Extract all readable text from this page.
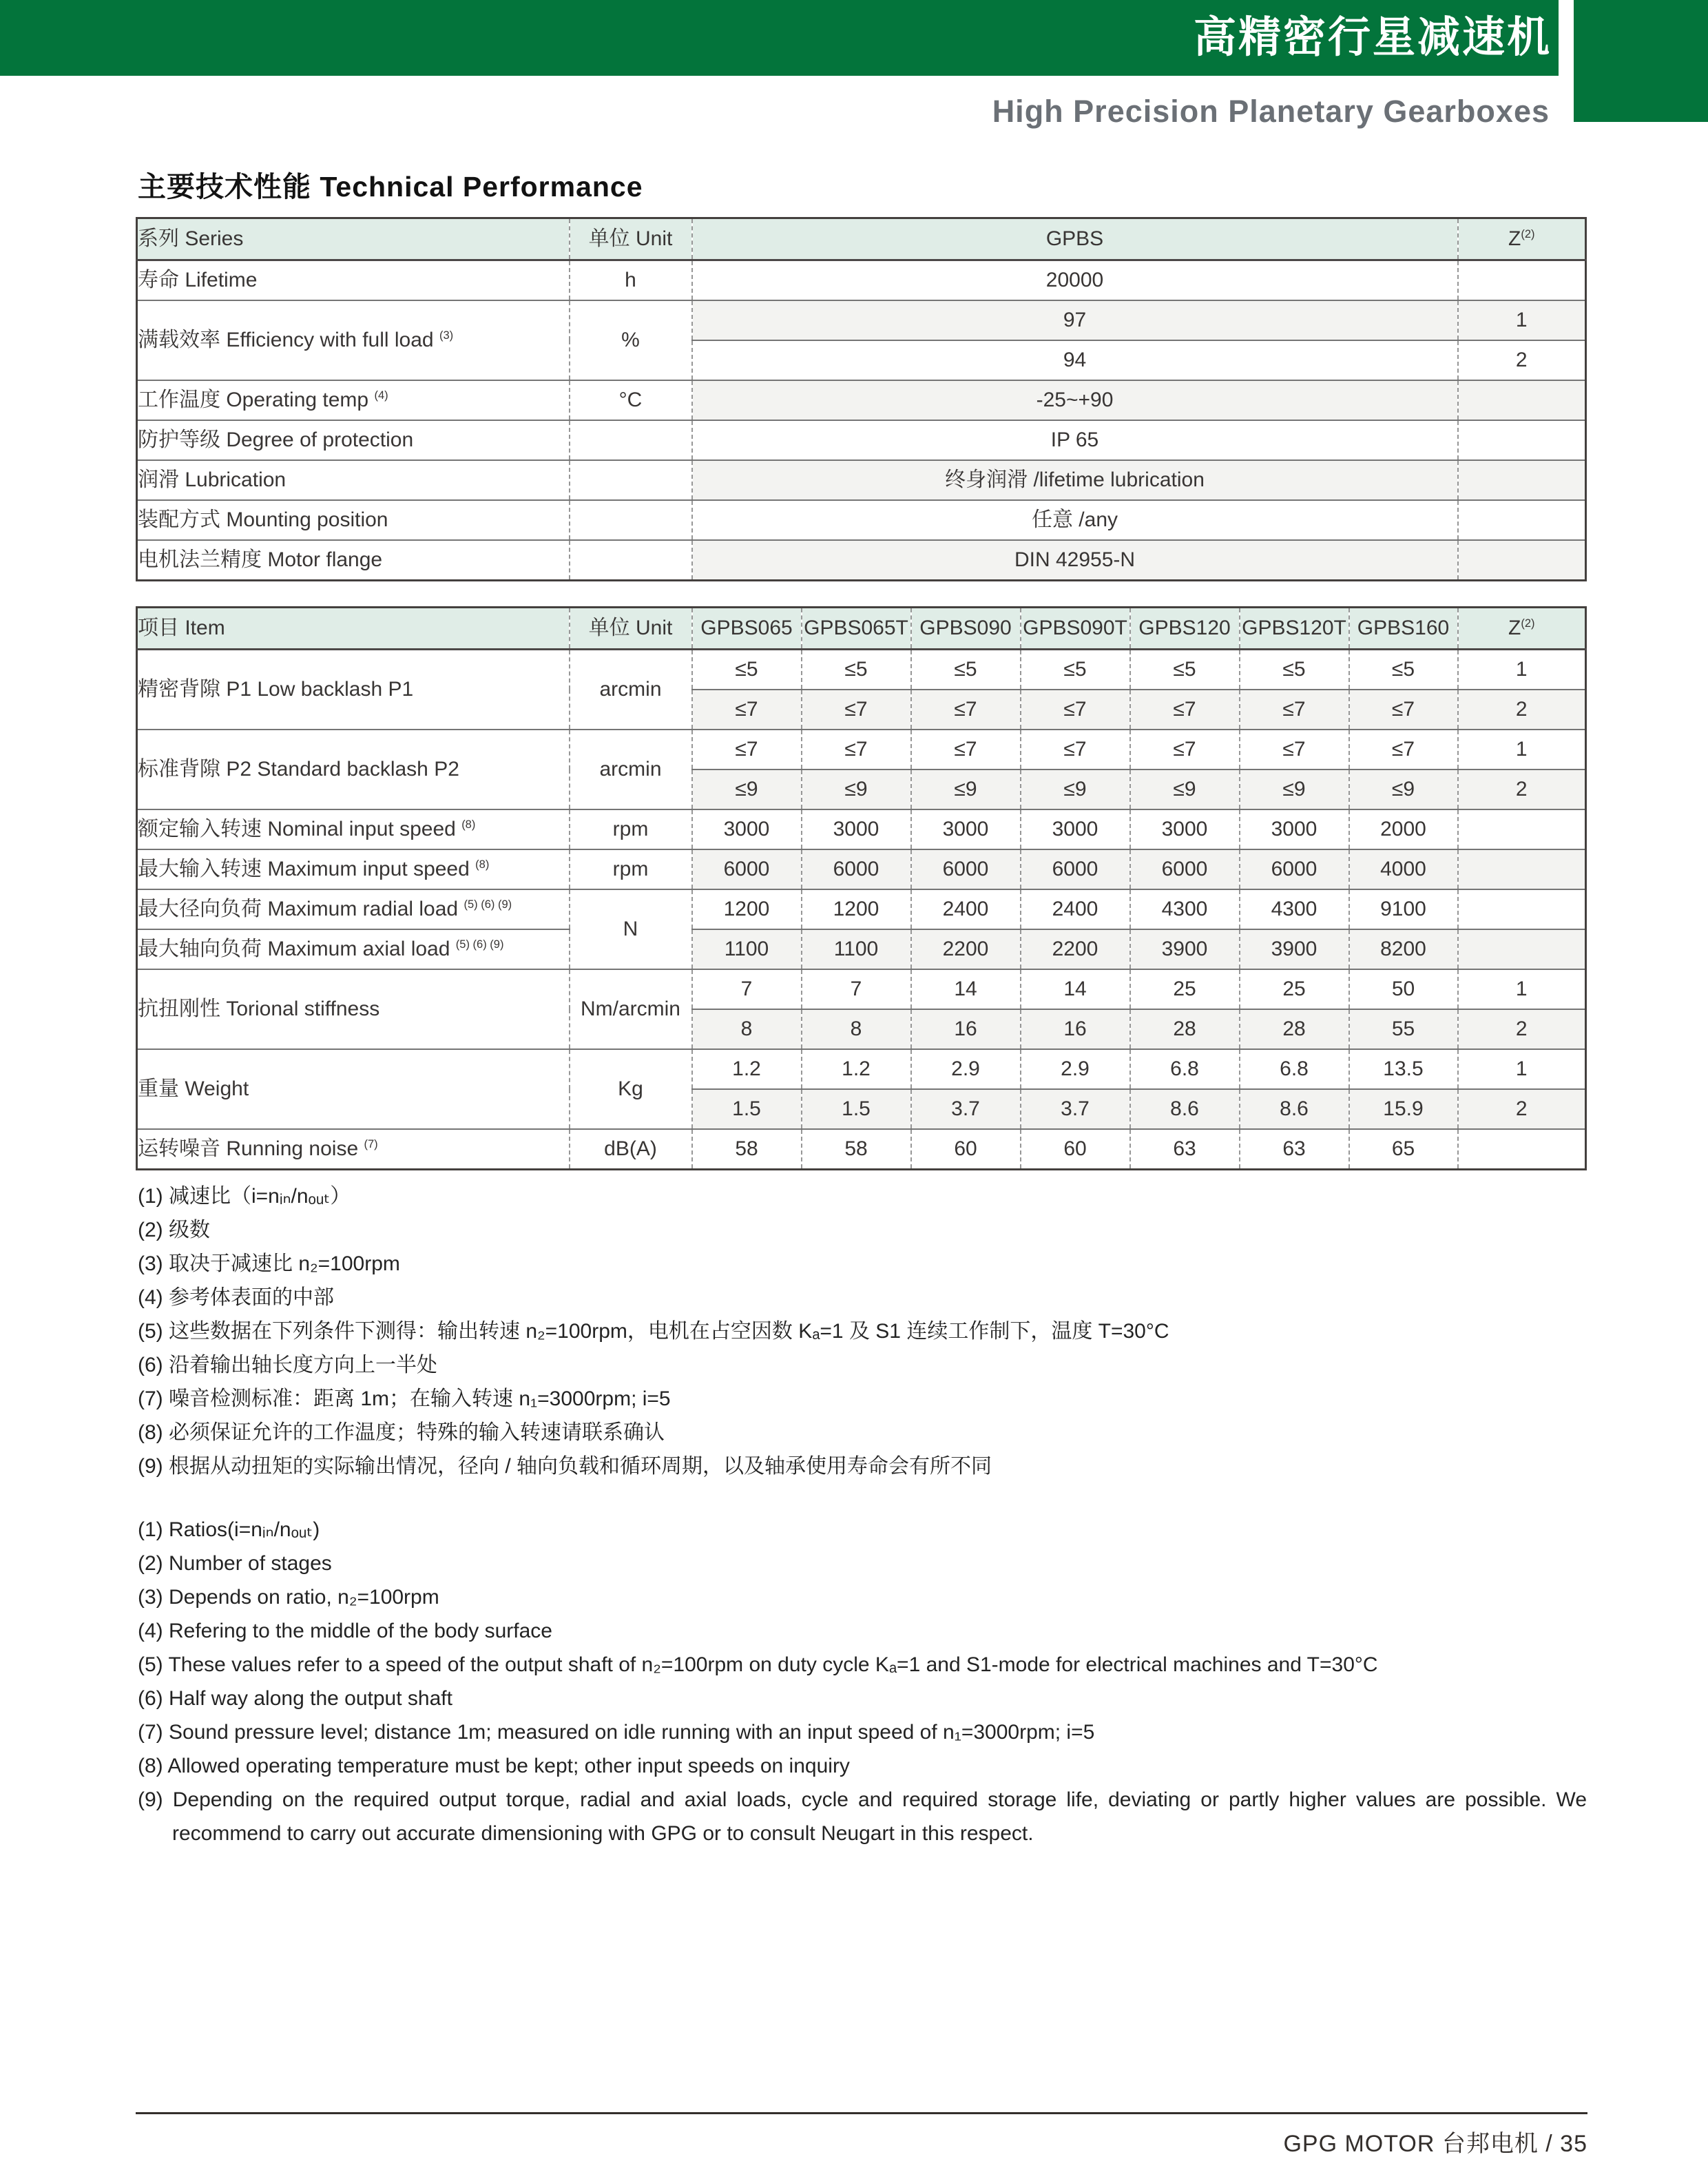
高精密行星减速机
High Precision Planetary Gearboxes
主要技术性能 Technical Performance
系列 Series	单位 Unit	GPBS	$Z^{(2)}$
寿命 Lifetime	h	20000	
满载效率 Efficiency with full load $^{(3)}$	%	97	1
		94	2
工作温度 Operating temp $^{(4)}$	°C	-25~+90	
防护等级 Degree of protection		IP 65	
润滑 Lubrication		终身润滑 /lifetime lubrication	
装配方式 Mounting position		任意 /any	
电机法兰精度 Motor flange		DIN 42955-N	
项目 Item	单位 Unit	GPBS065	GPBS065T	GPBS090	GPBS090T	GPBS120	GPBS120T	GPBS160	$Z^{(2)}$
精密背隙 P1 Low backlash P1	arcmin	≤5	≤5	≤5	≤5	≤5	≤5	≤5	1
		≤7	≤7	≤7	≤7	≤7	≤7	≤7	2
标准背隙 P2 Standard backlash P2	arcmin	≤7	≤7	≤7	≤7	≤7	≤7	≤7	1
		≤9	≤9	≤9	≤9	≤9	≤9	≤9	2
额定输入转速 Nominal input speed $^{(8)}$	rpm	3000	3000	3000	3000	3000	3000	2000	
最大输入转速 Maximum input speed $^{(8)}$	rpm	6000	6000	6000	6000	6000	6000	4000	
最大径向负荷 Maximum radial load $^{(5) (6) (9)}$	N	1200	1200	2400	2400	4300	4300	9100	
最大轴向负荷 Maximum axial load $^{(5) (6) (9)}$		1100	1100	2200	2200	3900	3900	8200	
抗扭刚性 Torional stiffness	Nm/arcmin	7	7	14	14	25	25	50	1
		8	8	16	16	28	28	55	2
重量 Weight	Kg	1.2	1.2	2.9	2.9	6.8	6.8	13.5	1
		1.5	1.5	3.7	3.7	8.6	8.6	15.9	2
运转噪音 Running noise $^{(7)}$	dB(A)	58	58	60	60	63	63	65	

(1) 减速比（i=nᵢₙ/nₒᵤₜ）

(2) 级数

(3) 取决于减速比 n₂=100rpm

(4) 参考体表面的中部

(5) 这些数据在下列条件下测得：输出转速 n₂=100rpm，电机在占空因数 Kₐ=1 及 S1 连续工作制下，温度 T=30°C

(6) 沿着输出轴长度方向上一半处

(7) 噪音检测标准：距离 1m；在输入转速 n₁=3000rpm; i=5

(8) 必须保证允许的工作温度；特殊的输入转速请联系确认

(9) 根据从动扭矩的实际输出情况，径向 / 轴向负载和循环周期，以及轴承使用寿命会有所不同

(1) Ratios(i=nᵢₙ/nₒᵤₜ)

(2) Number of stages

(3) Depends on ratio, n₂=100rpm

(4) Refering to the middle of the body surface

(5) These values refer to a speed of the output shaft of n₂=100rpm on duty cycle Kₐ=1 and S1-mode for electrical machines and T=30°C

(6) Half way along the output shaft

(7) Sound pressure level; distance 1m; measured on idle running with an input speed of n₁=3000rpm; i=5

(8) Allowed operating temperature must be kept; other input speeds on inquiry

(9) Depending on the required output torque, radial and axial loads, cycle and required storage life, deviating or partly higher values are possible. We recommend to carry out accurate dimensioning with GPG or to consult Neugart in this respect.

GPG MOTOR 台邦电机 / 35
